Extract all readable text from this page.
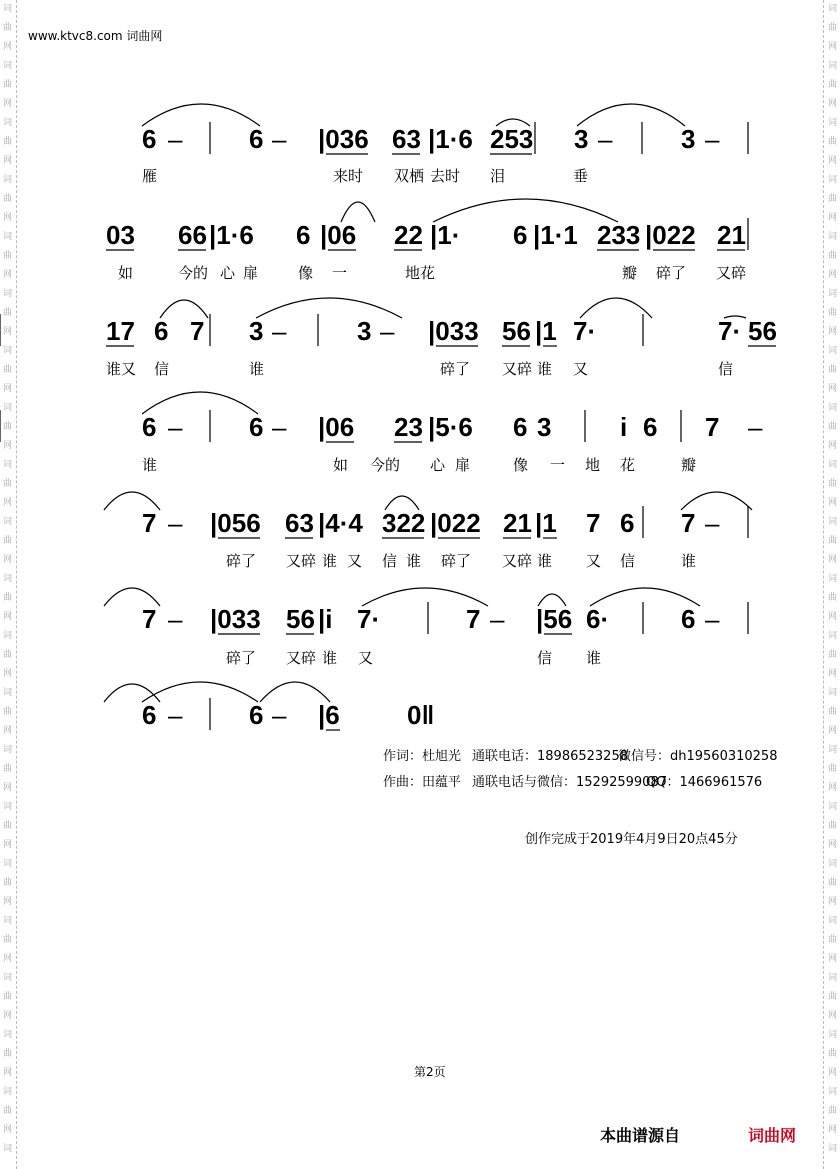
词
曲
网
词
曲
网
词
曲
网
词
曲
网
词
曲
网
词
曲
网
词
曲
网
词
曲
网
词
曲
网
词
曲
网
词
曲
网
词
曲
网
词
曲
网
词
曲
网
词
曲
网
词
曲
网
词
曲
网
词
曲
网
词
曲
网
词
曲
网
词
词
曲
网
词
曲
网
词
曲
网
词
曲
网
词
曲
网
词
曲
网
词
曲
网
词
曲
网
词
曲
网
词
曲
网
词
曲
网
词
曲
网
词
曲
网
词
曲
网
词
曲
网
词
曲
网
词
曲
网
词
曲
网
词
曲
网
词
曲
网
词
www.ktvc8.com 词曲网
6 –	6 – |036 63 |1·6 253 3 –	3 –
雁	来时 双栖 去时 泪	垂
03 66 |1·6 6 |06 22 |1· 6 |1·1 233 |022 21
如	今的 心 扉	像 一	地花	瓣 碎了 又碎
17 6 7 3 –	3 – |033 56 |1 7·	7· 56
谁又 信	谁	碎了 又碎 谁 又	信
6 –	6 – |06 23 |5·6 6 3	i 6 7 –
谁	如 今的 心 扉	像 一 地 花	瓣
7 – |056 63 |4·4 322 |022 21 |1 7 6 7 –
碎了 又碎 谁 又 信 谁 碎了 又碎 谁 又 信	谁
7 – |033 56 |i 7·	7 – |56 6·	6 –
碎了 又碎 谁 又	信 谁
6 –	6 – |6	0‖
作词：杜旭光 通联电话：18986523258
微信号：dh19560310258
作曲：田蕴平 通联电话与微信：15292599087
QQ：1466961576
创作完成于2019年4月9日20点45分
第2页
本曲谱源自	词曲网
